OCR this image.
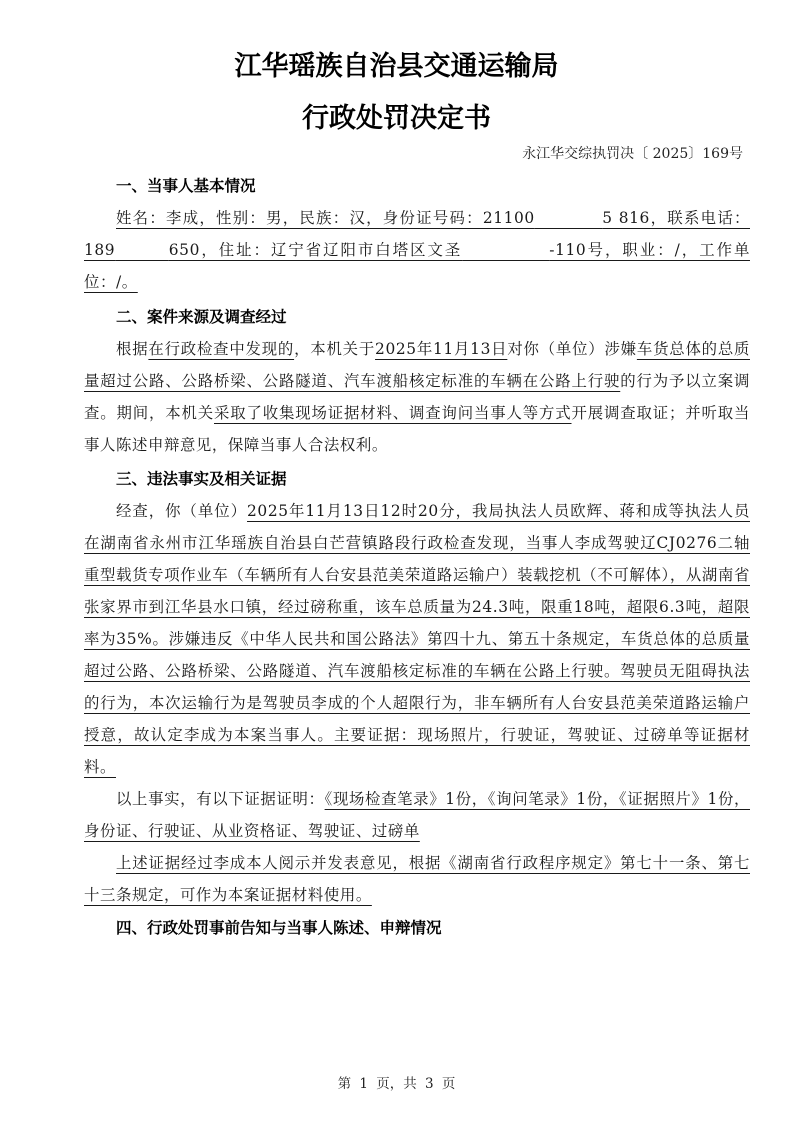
江华瑶族自治县交通运输局
行政处罚决定书
永江华交综执罚决〔 2025〕169号
一、当事人基本情况
姓名：李成，性别：男，民族：汉，身份证号码：21100　　　　	5 816，联系电话：189　　　	650，住址：辽宁省辽阳市白塔区文圣　　　　　	-110号，职业：/，工作单位：/。
二、案件来源及调查经过
根据在行政检查中发现的，本机关于2025年11月13日对你（单位）涉嫌车货总体的总质量超过公路、公路桥梁、公路隧道、汽车渡船核定标准的车辆在公路上行驶的行为予以立案调查。期间，本机关采取了收集现场证据材料、调查询问当事人等方式开展调查取证；并听取当事人陈述申辩意见，保障当事人合法权利。
三、违法事实及相关证据
经查，你（单位）2025年11月13日12时20分，我局执法人员欧辉、蒋和成等执法人员在湖南省永州市江华瑶族自治县白芒营镇路段行政检查发现，当事人李成驾驶辽CJ0276二轴重型载货专项作业车（车辆所有人台安县范美荣道路运输户）装载挖机（不可解体），从湖南省张家界市到江华县水口镇，经过磅称重，该车总质量为24.3吨，限重18吨，超限6.3吨，超限率为35%。涉嫌违反《中华人民共和国公路法》第四十九、第五十条规定，车货总体的总质量超过公路、公路桥梁、公路隧道、汽车渡船核定标准的车辆在公路上行驶。驾驶员无阻碍执法的行为，本次运输行为是驾驶员李成的个人超限行为，非车辆所有人台安县范美荣道路运输户授意，故认定李成为本案当事人。主要证据：现场照片，行驶证，驾驶证、过磅单等证据材料。
以上事实，有以下证据证明：《现场检查笔录》1份，《询问笔录》1份，《证据照片》1份，身份证、行驶证、从业资格证、驾驶证、过磅单
上述证据经过李成本人阅示并发表意见，根据《湖南省行政程序规定》第七十一条、第七十三条规定，可作为本案证据材料使用。
四、行政处罚事前告知与当事人陈述、申辩情况
第 1 页，共 3 页
